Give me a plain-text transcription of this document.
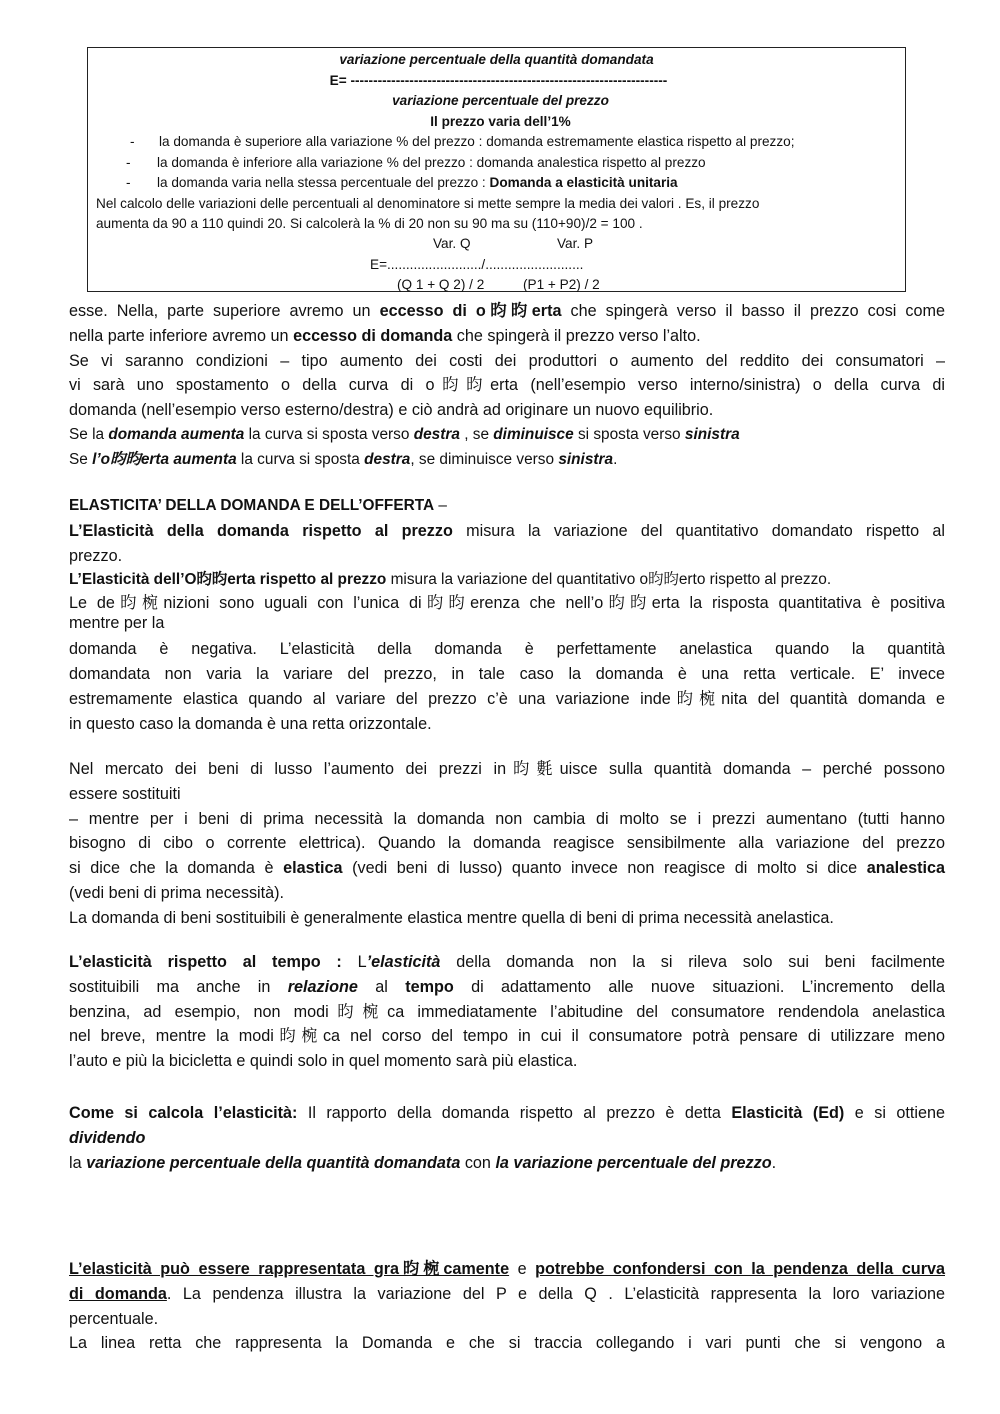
variazione percentuale della quantità domandata
E= ----------------------------------------------------------------------
variazione percentuale del prezzo
Il prezzo varia dell’1%
- la domanda è superiore alla variazione % del prezzo : domanda estremamente elastica rispetto al prezzo;
- la domanda è inferiore alla variazione % del prezzo : domanda analestica rispetto al prezzo
- la domanda varia nella stessa percentuale del prezzo : Domanda a elasticità unitaria
Nel calcolo delle variazioni delle percentuali al denominatore si mette sempre la media dei valori . Es, il prezzo
aumenta da 90 a 110 quindi 20. Si calcolerà la % di 20 non su 90 ma su (110+90)/2 = 100 .
Var. Q	Var. P
E=........................./..........................
(Q 1 + Q 2) / 2	(P1 + P2) / 2

esse. Nella, parte superiore avremo un eccesso di o昀昀erta che spingerà verso il basso il prezzo cosi come

nella parte inferiore avremo un eccesso di domanda che spingerà il prezzo verso l’alto.

Se vi saranno condizioni – tipo aumento dei costi dei produttori o aumento del reddito dei consumatori –

vi sarà uno spostamento o della curva di o昀昀erta (nell’esempio verso interno/sinistra) o della curva di

domanda (nell’esempio verso esterno/destra) e ciò andrà ad originare un nuovo equilibrio.

Se la domanda aumenta la curva si sposta verso destra , se diminuisce si sposta verso sinistra

Se l’o昀昀erta aumenta la curva si sposta destra, se diminuisce verso sinistra.

ELASTICITA’ DELLA DOMANDA E DELL’OFFERTA –

L’Elasticità della domanda rispetto al prezzo misura la variazione del quantitativo domandato rispetto al

prezzo.

L’Elasticità dell’O昀昀erta rispetto al prezzo misura la variazione del quantitativo o昀昀erto rispetto al prezzo.

Le de昀椀nizioni sono uguali con l’unica di昀昀erenza che nell’o昀昀erta la risposta quantitativa è positiva

mentre per la

domanda è negativa. L’elasticità della domanda è perfettamente anelastica quando la quantità

domandata non varia la variare del prezzo, in tale caso la domanda è una retta verticale. E’ invece

estremamente elastica quando al variare del prezzo c’è una variazione inde昀椀nita del quantità domanda e

in questo caso la domanda è una retta orizzontale.

Nel mercato dei beni di lusso l’aumento dei prezzi in昀氀uisce sulla quantità domanda – perché possono

essere sostituiti

– mentre per i beni di prima necessità la domanda non cambia di molto se i prezzi aumentano (tutti hanno

bisogno di cibo o corrente elettrica). Quando la domanda reagisce sensibilmente alla variazione del prezzo

si dice che la domanda è elastica (vedi beni di lusso) quanto invece non reagisce di molto si dice analestica

(vedi beni di prima necessità).

La domanda di beni sostituibili è generalmente elastica mentre quella di beni di prima necessità anelastica.

L’elasticità rispetto al tempo : L’elasticità della domanda non la si rileva solo sui beni facilmente

sostituibili ma anche in relazione al tempo di adattamento alle nuove situazioni. L’incremento della

benzina, ad esempio, non modi昀椀ca immediatamente l’abitudine del consumatore rendendola anelastica

nel breve, mentre la modi昀椀ca nel corso del tempo in cui il consumatore potrà pensare di utilizzare meno

l’auto e più la bicicletta e quindi solo in quel momento sarà più elastica.

Come si calcola l’elasticità: Il rapporto della domanda rispetto al prezzo è detta Elasticità (Ed) e si ottiene

dividendo

la variazione percentuale della quantità domandata con la variazione percentuale del prezzo.

L’elasticità può essere rappresentata gra昀椀camente e potrebbe confondersi con la pendenza della curva

di domanda. La pendenza illustra la variazione del P e della Q . L’elasticità rappresenta la loro variazione

percentuale.

La linea retta che rappresenta la Domanda e che si traccia collegando i vari punti che si vengono a
